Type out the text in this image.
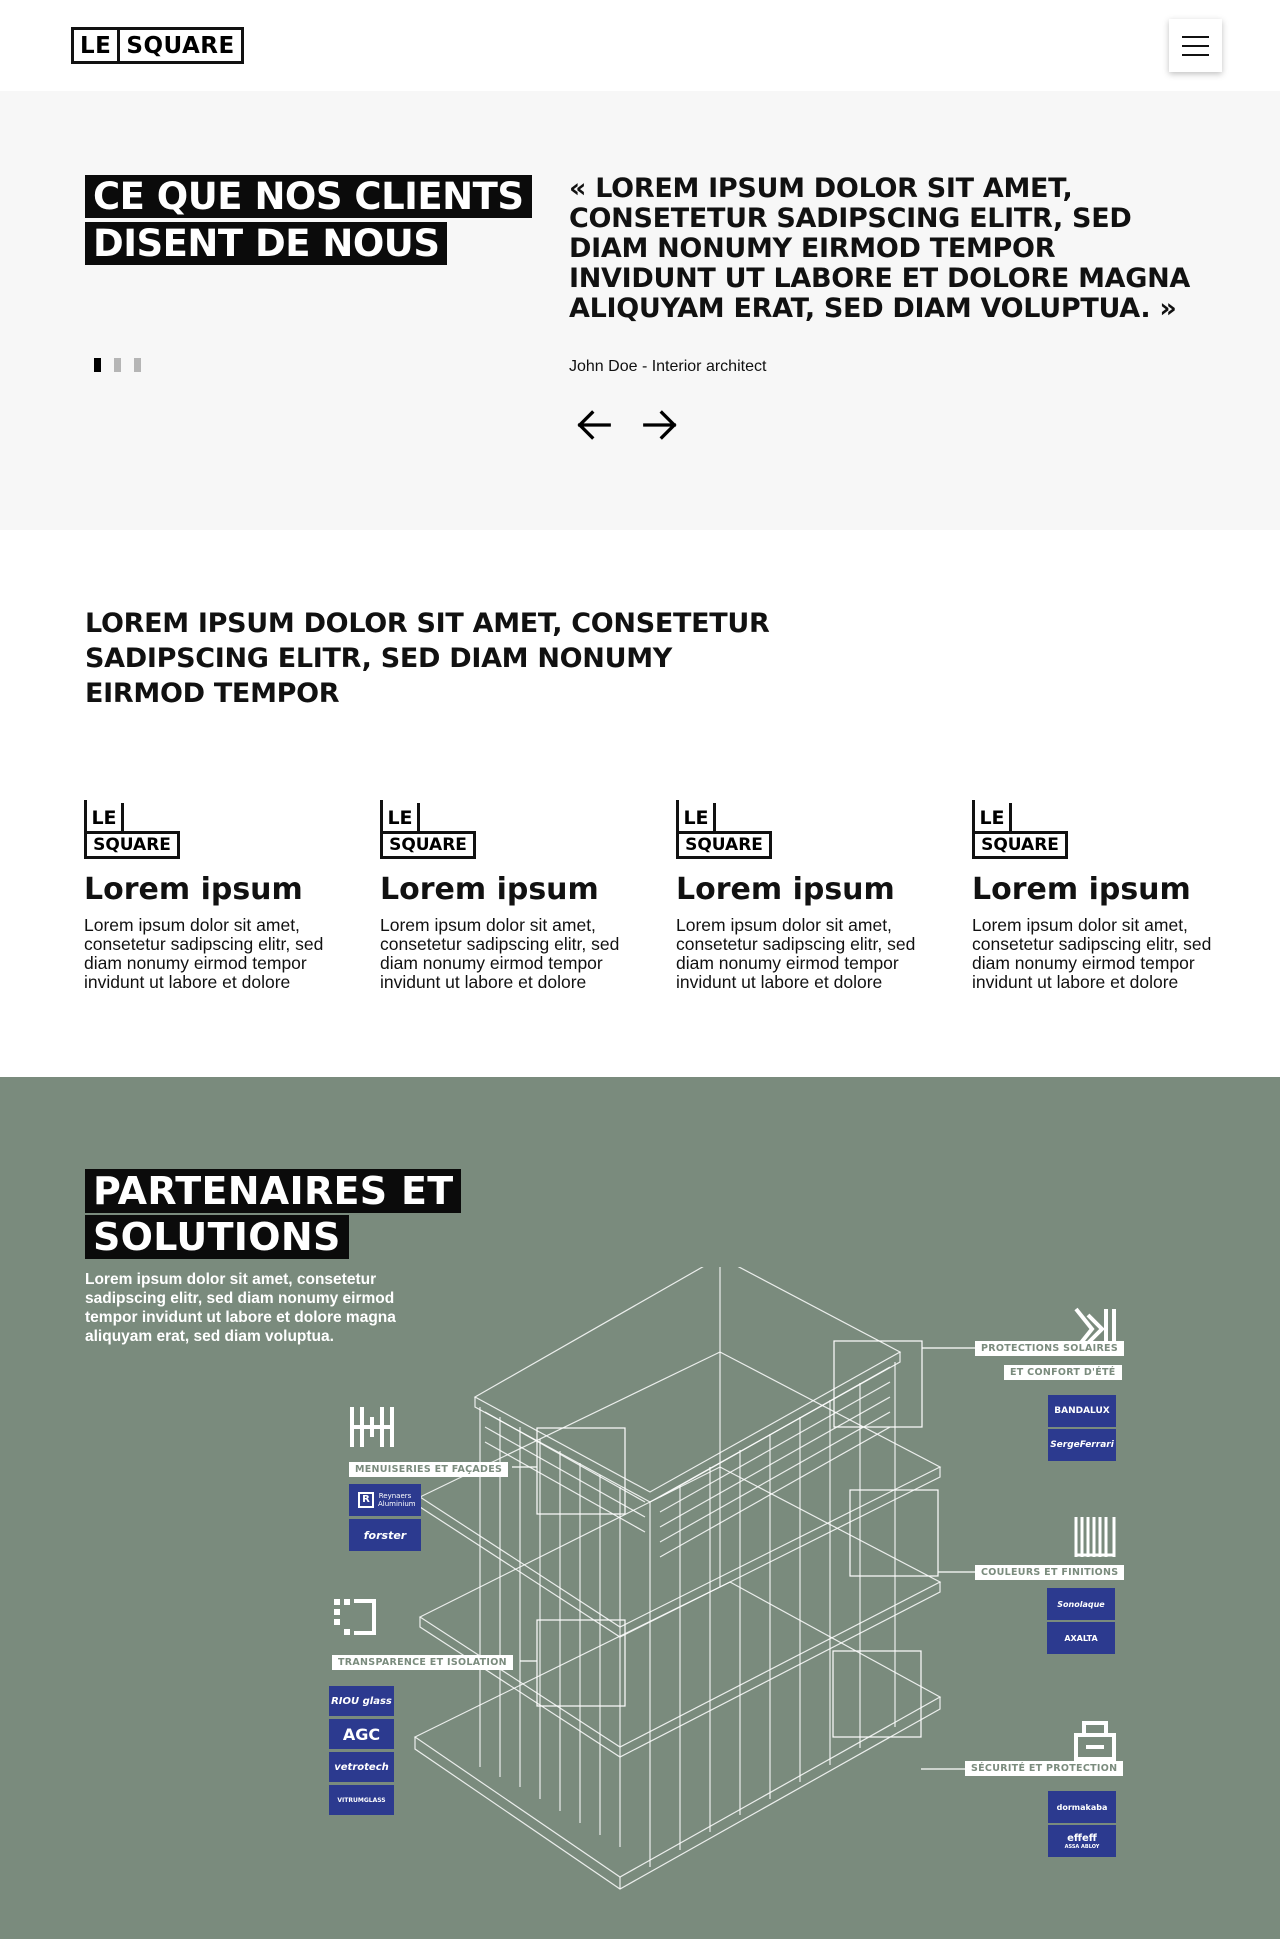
LE SQUARE
CE QUE NOS CLIENTS
DISENT DE NOUS

« LOREM IPSUM DOLOR SIT AMET, CONSETETUR SADIPSCING ELITR, SED DIAM NONUMY EIRMOD TEMPOR INVIDUNT UT LABORE ET DOLORE MAGNA ALIQUYAM ERAT, SED DIAM VOLUPTUA. »

John Doe - Interior architect

LOREM IPSUM DOLOR SIT AMET, CONSETETUR SADIPSCING ELITR, SED DIAM NONUMY EIRMOD TEMPOR
LE
SQUARE
Lorem ipsum

Lorem ipsum dolor sit amet, consetetur sadipscing elitr, sed diam nonumy eirmod tempor invidunt ut labore et dolore

LE
SQUARE
Lorem ipsum

Lorem ipsum dolor sit amet, consetetur sadipscing elitr, sed diam nonumy eirmod tempor invidunt ut labore et dolore

LE
SQUARE
Lorem ipsum

Lorem ipsum dolor sit amet, consetetur sadipscing elitr, sed diam nonumy eirmod tempor invidunt ut labore et dolore

LE
SQUARE
Lorem ipsum

Lorem ipsum dolor sit amet, consetetur sadipscing elitr, sed diam nonumy eirmod tempor invidunt ut labore et dolore

PARTENAIRES ET
SOLUTIONS

Lorem ipsum dolor sit amet, consetetur sadipscing elitr, sed diam nonumy eirmod tempor invidunt ut labore et dolore magna aliquyam erat, sed diam voluptua.

MENUISERIES ET FAÇADES
R	Reynaers Aluminium
forster
TRANSPARENCE ET ISOLATION
RIOU glass
AGC
vetrotech
VITRUMGLASS
PROTECTIONS SOLAIRES
ET CONFORT D'ÉTÉ
BANDALUX
SergeFerrari
COULEURS ET FINITIONS
Sonolaque
AXALTA
SÉCURITÉ ET PROTECTION
dormakaba
effeff
ASSA ABLOY
